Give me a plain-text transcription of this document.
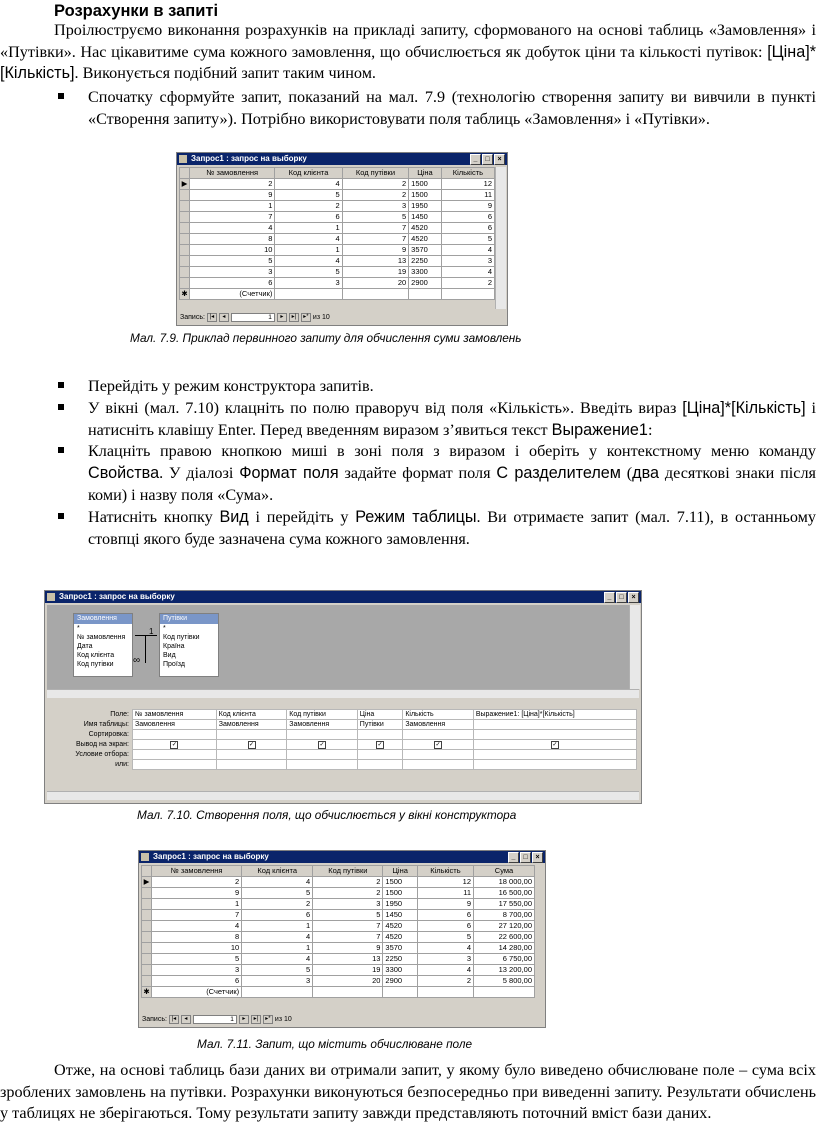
Розрахунки в запиті

Проілюструємо виконання розрахунків на прикладі запиту, сформованого на основі таблиць «Замовлення» і «Путівки». Нас цікавитиме сума кожного замовлення, що обчислюється як добуток ціни та кількості путівок: [Ціна]*[Кількість]. Виконується подібний запит таким чином.

Спочатку сформуйте запит, показаний на мал. 7.9 (технологію створення запиту ви вивчили в пункті «Створення запиту»). Потрібно використовувати поля таблиць «Замовлення» і «Путівки».
Запрос1 : запрос на выборку	_	□	×
	№ замовлення	Код клієнта	Код путівки	Ціна	Кількість
▶	2	4	2	1500	12
	9	5	2	1500	11
	1	2	3	1950	9
	7	6	5	1450	6
	4	1	7	4520	6
	8	4	7	4520	5
	10	1	9	3570	4
	5	4	13	2250	3
	3	5	19	3300	4
	6	3	20	2900	2
✱	(Счетчик)				
Запись: |◂	◂	1	▸	▸|	▸* из 10
Мал. 7.9. Приклад первинного запиту для обчислення суми замовлень
Перейдіть у режим конструктора запитів.
У вікні (мал. 7.10) клацніть по полю праворуч від поля «Кількість». Введіть вираз [Ціна]*[Кількість] і натисніть клавішу Enter. Перед введенням виразом з’явиться текст Выражение1:
Клацніть правою кнопкою миші в зоні поля з виразом і оберіть у контекстному меню команду Свойства. У діалозі Формат поля задайте формат поля С разделителем (два десяткові знаки після коми) і назву поля «Сума».
Натисніть кнопку Вид і перейдіть у Режим таблицы. Ви отримаєте запит (мал. 7.11), в останньому стовпці якого буде зазначена сума кожного замовлення.
Запрос1 : запрос на выборку	_	□	×
Замовлення
*
№ замовлення
Дата
Код клієнта
Код путівки
Путівки
*
Код путівки
Країна
Вид
Проїзд
1
∞
Поле:	№ замовлення	Код клієнта	Код путівки	Ціна	Кількість	Выражение1: [Ціна]*[Кількість]
Имя таблицы:	Замовлення	Замовлення	Замовлення	Путівки	Замовлення	
Сортировка:						
Вывод на экран:	✓	✓	✓	✓	✓	✓
Условие отбора:						
или:						
Мал. 7.10. Створення поля, що обчислюється у вікні конструктора
Запрос1 : запрос на выборку	_	□	×
	№ замовлення	Код клієнта	Код путівки	Ціна	Кількість	Сума
▶	2	4	2	1500	12	18 000,00
	9	5	2	1500	11	16 500,00
	1	2	3	1950	9	17 550,00
	7	6	5	1450	6	8 700,00
	4	1	7	4520	6	27 120,00
	8	4	7	4520	5	22 600,00
	10	1	9	3570	4	14 280,00
	5	4	13	2250	3	6 750,00
	3	5	19	3300	4	13 200,00
	6	3	20	2900	2	5 800,00
✱	(Счетчик)					
Запись: |◂	◂	1	▸	▸|	▸* из 10
Мал. 7.11. Запит, що містить обчислюване поле

Отже, на основі таблиць бази даних ви отримали запит, у якому було виведено обчислюване поле – сума всіх зроблених замовлень на путівки. Розрахунки виконуються безпосередньо при виведенні запиту. Результати обчислень у таблицях не зберігаються. Тому результати запиту завжди представляють поточний вміст бази даних.
